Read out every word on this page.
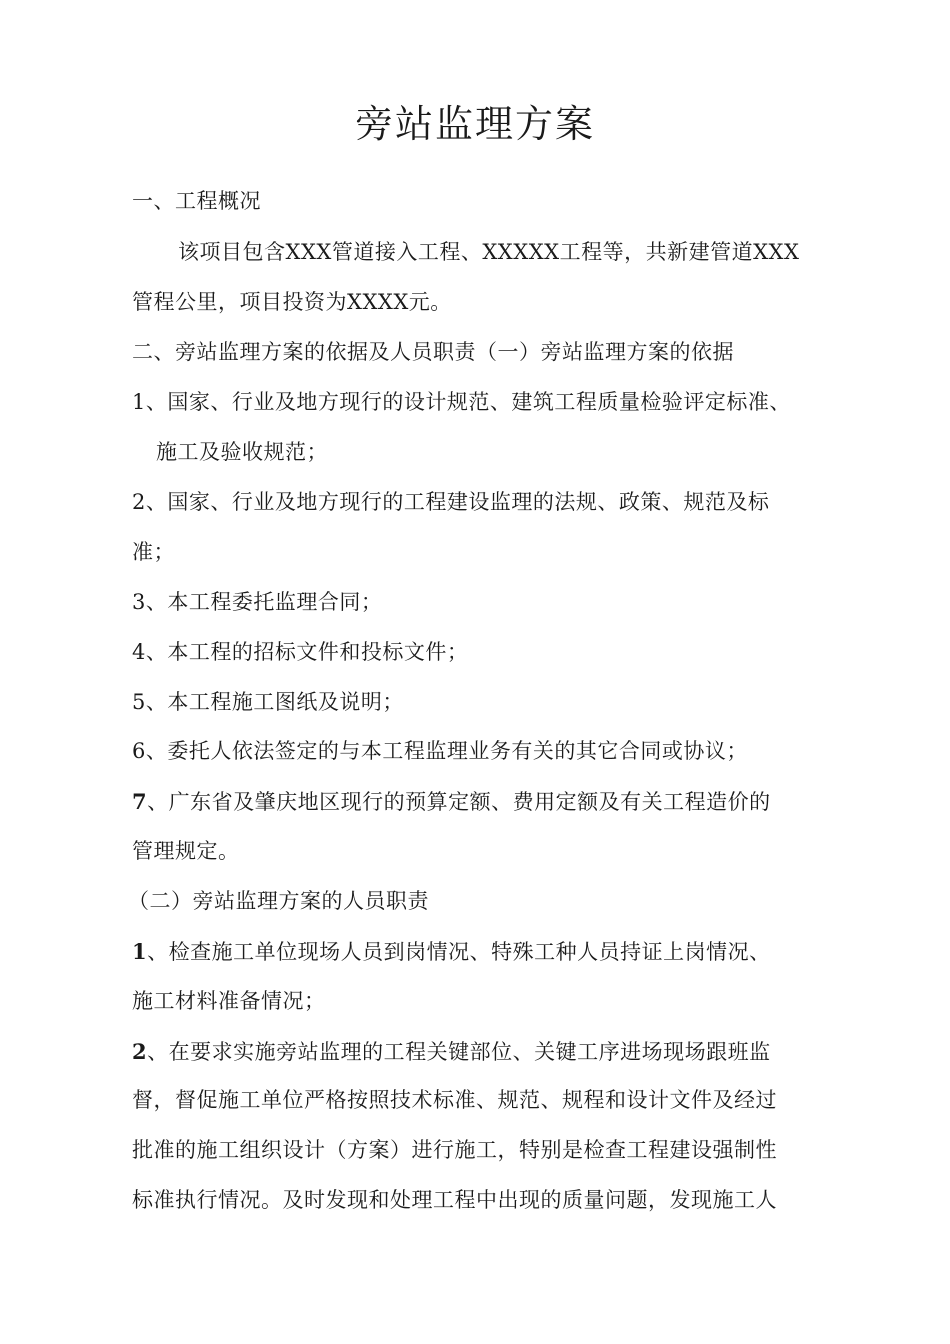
旁站监理方案
一、工程概况
该项目包含XXX管道接入工程、XXXXX工程等，共新建管道XXX
管程公里，项目投资为XXXX元。
二、旁站监理方案的依据及人员职责（一）旁站监理方案的依据
1、国家、行业及地方现行的设计规范、建筑工程质量检验评定标准、
施工及验收规范；
2、国家、行业及地方现行的工程建设监理的法规、政策、规范及标
准；
3、本工程委托监理合同；
4、本工程的招标文件和投标文件；
5、本工程施工图纸及说明；
6、委托人依法签定的与本工程监理业务有关的其它合同或协议；
7、广东省及肇庆地区现行的预算定额、费用定额及有关工程造价的
管理规定。
（二）旁站监理方案的人员职责
1、检查施工单位现场人员到岗情况、特殊工种人员持证上岗情况、
施工材料准备情况；
2、在要求实施旁站监理的工程关键部位、关键工序进场现场跟班监
督，督促施工单位严格按照技术标准、规范、规程和设计文件及经过
批准的施工组织设计（方案）进行施工，特别是检查工程建设强制性
标准执行情况。及时发现和处理工程中出现的质量问题，发现施工人
